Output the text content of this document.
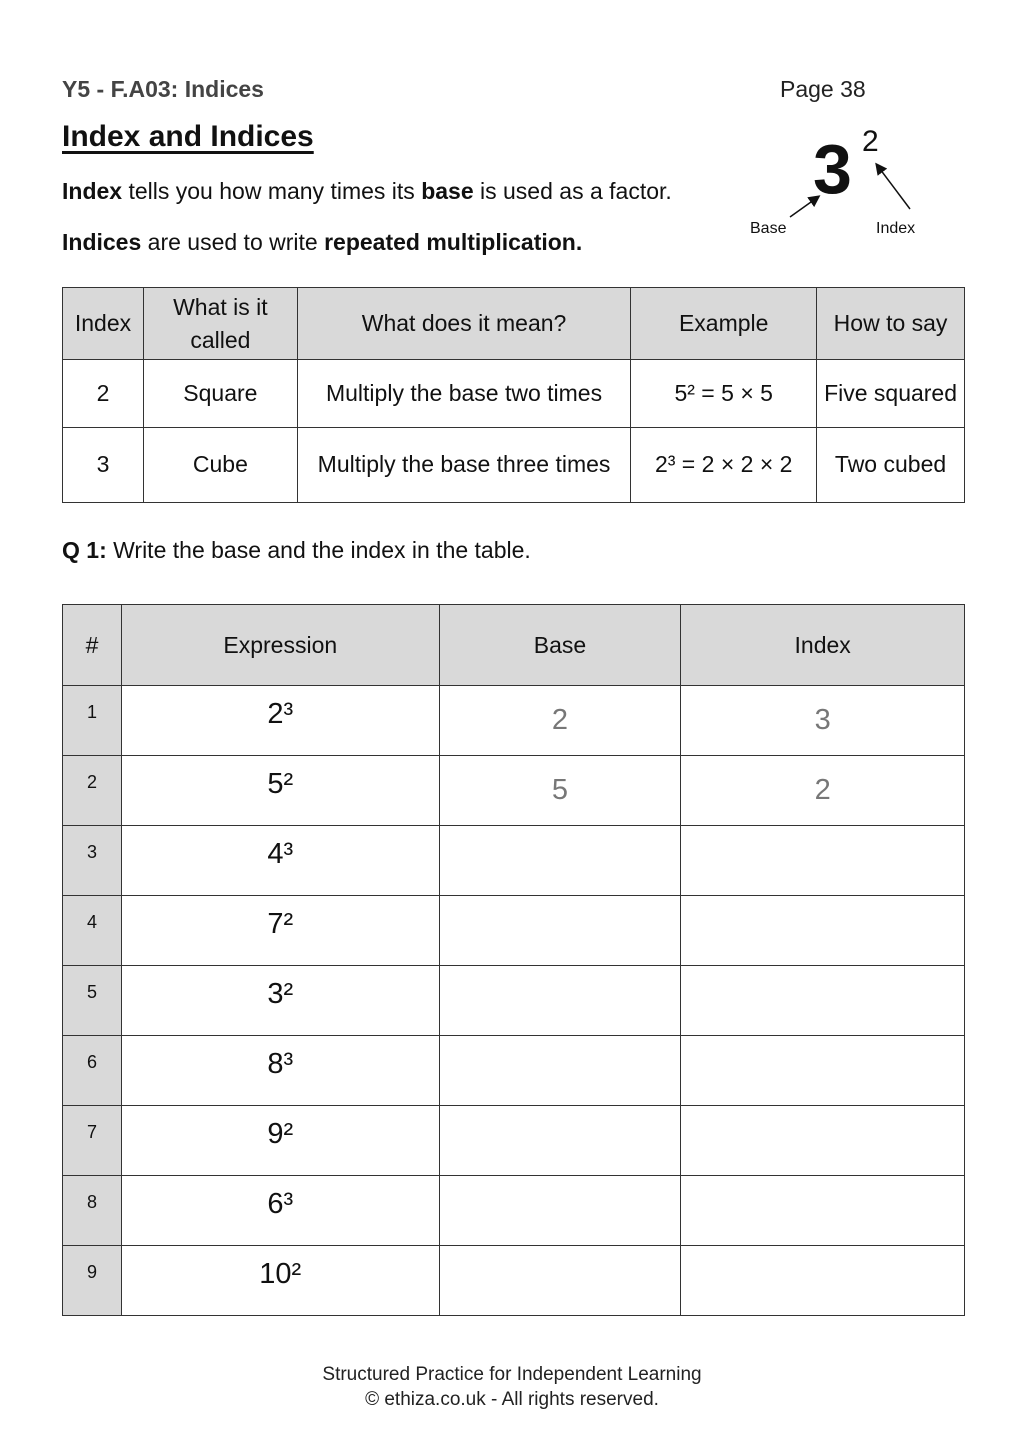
Y5 - F.A03: Indices	Page 38
Index and Indices
Index tells you how many times its base is used as a factor.
Indices are used to write repeated multiplication.
3 2
Base	Index
Index	What is it called	What does it mean?	Example	How to say
2	Square	Multiply the base two times	5² = 5 × 5	Five squared
3	Cube	Multiply the base three times	2³ = 2 × 2 × 2	Two cubed
Q 1: Write the base and the index in the table.
#	Expression	Base	Index
1	2³	2	3
2	5²	5	2
3	4³		
4	7²		
5	3²		
6	8³		
7	9²		
8	6³		
9	10²		
Structured Practice for Independent Learning
© ethiza.co.uk - All rights reserved.
